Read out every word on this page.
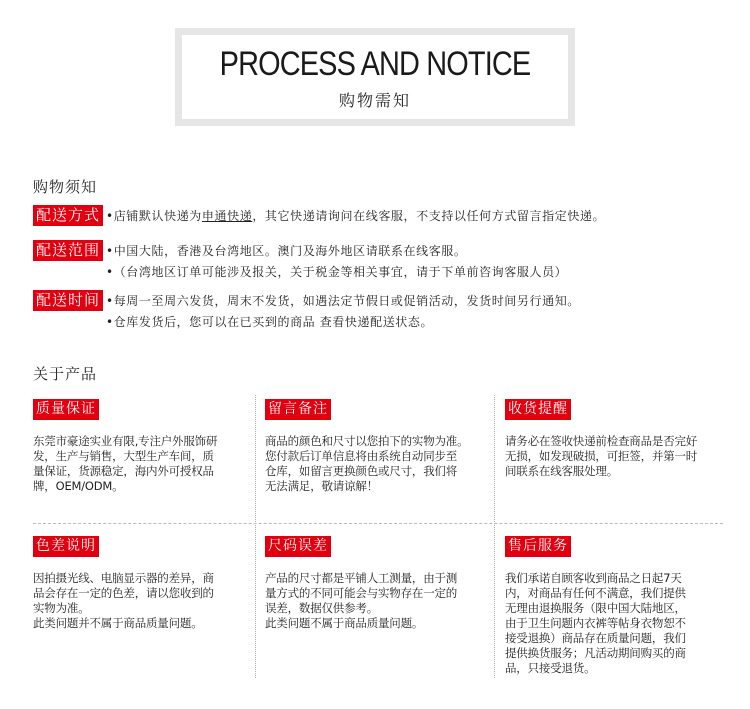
PROCESS AND NOTICE
购物需知
购物须知
配送方式 •店铺默认快递为申通快递，其它快递请询问在线客服，不支持以任何方式留言指定快递。
配送范围 •中国大陆，香港及台湾地区。澳门及海外地区请联系在线客服。
•（台湾地区订单可能涉及报关，关于税金等相关事宜，请于下单前咨询客服人员）
配送时间 •每周一至周六发货，周末不发货，如遇法定节假日或促销活动，发货时间另行通知。
•仓库发货后，您可以在已买到的商品 查看快递配送状态。
关于产品
质量保证
东莞市豪途实业有限,专注户外服饰研
发，生产与销售，大型生产车间，质
量保证，货源稳定，海内外可授权品
牌，OEM/ODM。
留言备注
商品的颜色和尺寸以您拍下的实物为准。
您付款后订单信息将由系统自动同步至
仓库，如留言更换颜色或尺寸，我们将
无法满足，敬请谅解！
收货提醒
请务必在签收快递前检查商品是否完好
无损，如发现破损，可拒签，并第一时
间联系在线客服处理。
色差说明
因拍摄光线、电脑显示器的差异，商
品会存在一定的色差，请以您收到的
实物为准。
此类问题并不属于商品质量问题。
尺码误差
产品的尺寸都是平铺人工测量，由于测
量方式的不同可能会与实物存在一定的
误差，数据仅供参考。
此类问题不属于商品质量问题。
售后服务
我们承诺自顾客收到商品之日起7天
内，对商品有任何不满意，我们提供
无理由退换服务（限中国大陆地区，
由于卫生问题内衣裤等帖身衣物恕不
接受退换）商品存在质量问题，我们
提供换货服务；凡活动期间购买的商
品，只接受退货。
